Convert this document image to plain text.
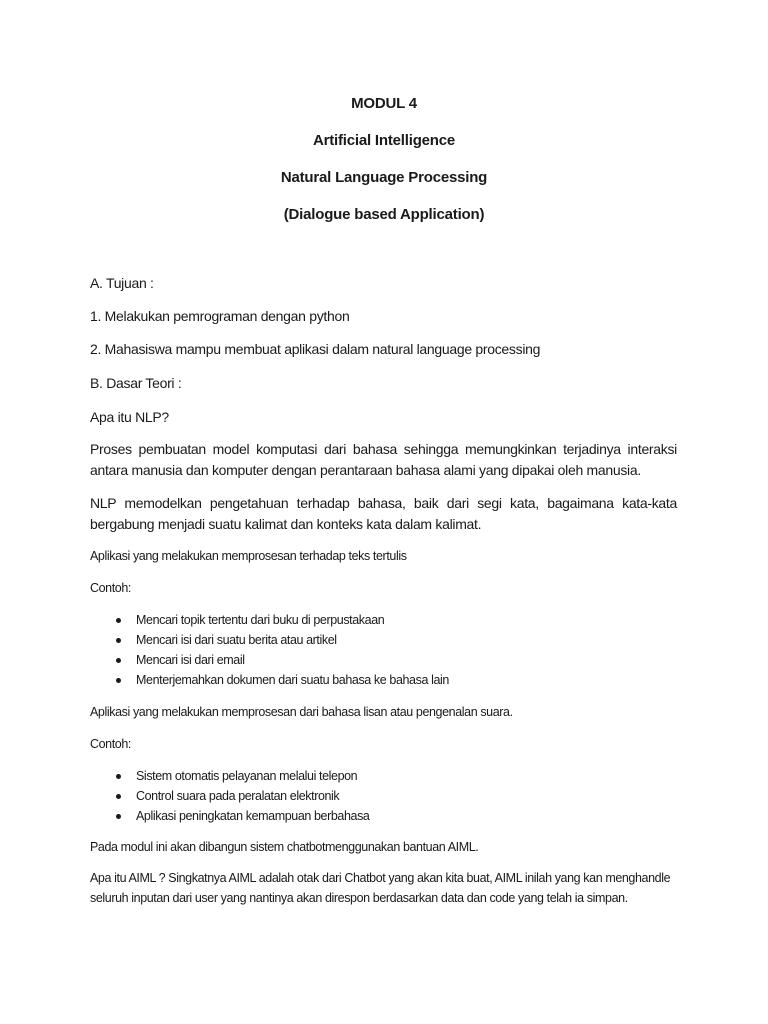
MODUL 4
Artificial Intelligence
Natural Language Processing
(Dialogue based Application)
A. Tujuan :
1. Melakukan pemrograman dengan python
2. Mahasiswa mampu membuat aplikasi dalam natural language processing
B. Dasar Teori :
Apa itu NLP?
Proses pembuatan model komputasi dari bahasa sehingga memungkinkan terjadinya interaksi antara manusia dan komputer dengan perantaraan bahasa alami yang dipakai oleh manusia.
NLP memodelkan pengetahuan terhadap bahasa, baik dari segi kata, bagaimana kata-kata bergabung menjadi suatu kalimat dan konteks kata dalam kalimat.
Aplikasi yang melakukan memprosesan terhadap teks tertulis
Contoh:
Mencari topik tertentu dari buku di perpustakaan
Mencari isi dari suatu berita atau artikel
Mencari isi dari email
Menterjemahkan dokumen dari suatu bahasa ke bahasa lain
Aplikasi yang melakukan memprosesan dari bahasa lisan atau pengenalan suara.
Contoh:
Sistem otomatis pelayanan melalui telepon
Control suara pada peralatan elektronik
Aplikasi peningkatan kemampuan berbahasa
Pada modul ini akan dibangun sistem chatbotmenggunakan bantuan AIML.
Apa itu AIML ? Singkatnya AIML adalah otak dari Chatbot yang akan kita buat, AIML inilah yang kan menghandle
seluruh inputan dari user yang nantinya akan direspon berdasarkan data dan code yang telah ia simpan.
